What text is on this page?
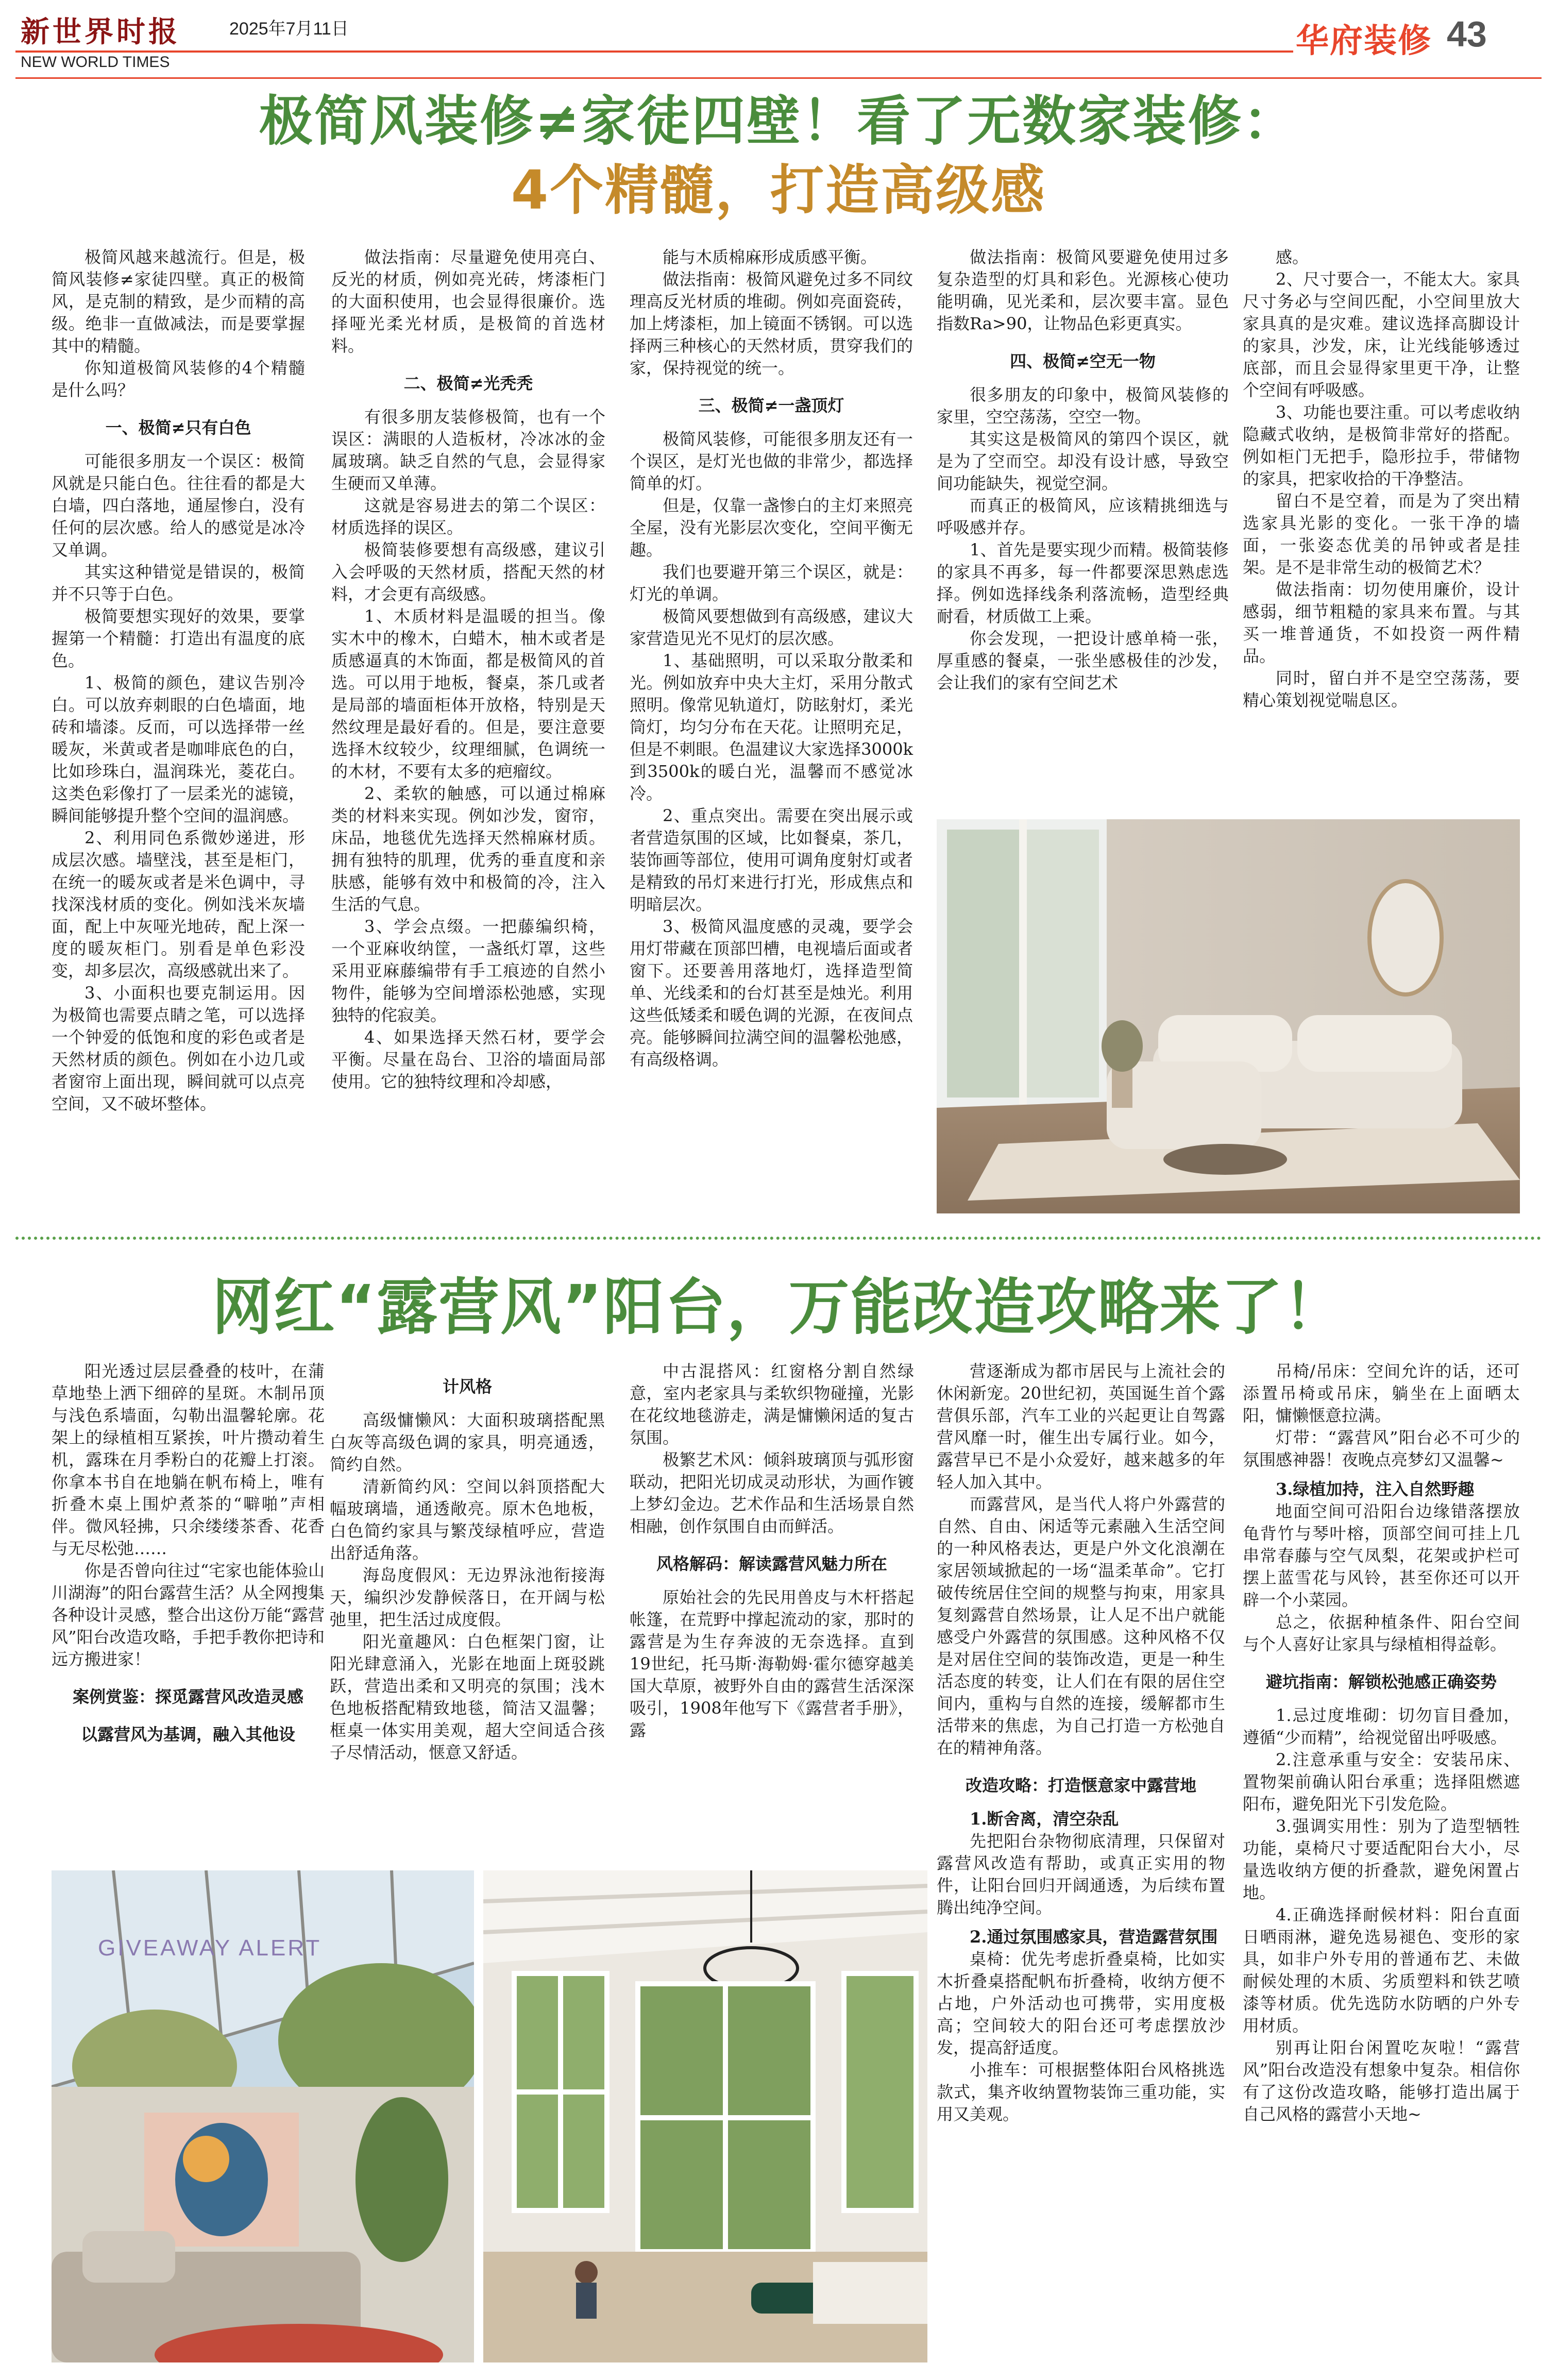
新世界时报	2025年7月11日
NEW WORLD TIMES
华府装修 43
极简风装修≠家徒四壁！看了无数家装修：
4个精髓，打造高级感

极简风越来越流行。但是，极简风装修≠家徒四壁。真正的极简风，是克制的精致，是少而精的高级。绝非一直做减法，而是要掌握其中的精髓。

你知道极简风装修的4个精髓是什么吗？

一、极简≠只有白色

可能很多朋友一个误区：极简风就是只能白色。往往看的都是大白墙，四白落地，通屋惨白，没有任何的层次感。给人的感觉是冰冷又单调。

其实这种错觉是错误的，极简并不只等于白色。

极简要想实现好的效果，要掌握第一个精髓：打造出有温度的底色。

1、极简的颜色，建议告别冷白。可以放弃刺眼的白色墙面，地砖和墙漆。反而，可以选择带一丝暖灰，米黄或者是咖啡底色的白，比如珍珠白，温润珠光，菱花白。这类色彩像打了一层柔光的滤镜，瞬间能够提升整个空间的温润感。

2、利用同色系微妙递进，形成层次感。墙壁浅，甚至是柜门，在统一的暖灰或者是米色调中，寻找深浅材质的变化。例如浅米灰墙面，配上中灰哑光地砖，配上深一度的暖灰柜门。别看是单色彩没变，却多层次，高级感就出来了。

3、小面积也要克制运用。因为极简也需要点睛之笔，可以选择一个钟爱的低饱和度的彩色或者是天然材质的颜色。例如在小边几或者窗帘上面出现，瞬间就可以点亮空间，又不破坏整体。

做法指南：尽量避免使用亮白、反光的材质，例如亮光砖，烤漆柜门的大面积使用，也会显得很廉价。选择哑光柔光材质，是极简的首选材料。

二、极简≠光秃秃

有很多朋友装修极简，也有一个误区：满眼的人造板材，冷冰冰的金属玻璃。缺乏自然的气息，会显得家生硬而又单薄。

这就是容易进去的第二个误区：材质选择的误区。

极简装修要想有高级感，建议引入会呼吸的天然材质，搭配天然的材料，才会更有高级感。

1、木质材料是温暖的担当。像实木中的橡木，白蜡木，柚木或者是质感逼真的木饰面，都是极简风的首选。可以用于地板，餐桌，茶几或者是局部的墙面柜体开放格，特别是天然纹理是最好看的。但是，要注意要选择木纹较少，纹理细腻，色调统一的木材，不要有太多的疤瘤纹。

2、柔软的触感，可以通过棉麻类的材料来实现。例如沙发，窗帘，床品，地毯优先选择天然棉麻材质。拥有独特的肌理，优秀的垂直度和亲肤感，能够有效中和极简的冷，注入生活的气息。

3、学会点缀。一把藤编织椅，一个亚麻收纳筐，一盏纸灯罩，这些采用亚麻藤编带有手工痕迹的自然小物件，能够为空间增添松弛感，实现独特的侘寂美。

4、如果选择天然石材，要学会平衡。尽量在岛台、卫浴的墙面局部使用。它的独特纹理和冷却感，

能与木质棉麻形成质感平衡。

做法指南：极简风避免过多不同纹理高反光材质的堆砌。例如亮面瓷砖，加上烤漆柜，加上镜面不锈钢。可以选择两三种核心的天然材质，贯穿我们的家，保持视觉的统一。

三、极简≠一盏顶灯

极简风装修，可能很多朋友还有一个误区，是灯光也做的非常少，都选择简单的灯。

但是，仅靠一盏惨白的主灯来照亮全屋，没有光影层次变化，空间平衡无趣。

我们也要避开第三个误区，就是：灯光的单调。

极简风要想做到有高级感，建议大家营造见光不见灯的层次感。

1、基础照明，可以采取分散柔和光。例如放弃中央大主灯，采用分散式照明。像常见轨道灯，防眩射灯，柔光筒灯，均匀分布在天花。让照明充足，但是不刺眼。色温建议大家选择3000k到3500k的暖白光，温馨而不感觉冰冷。

2、重点突出。需要在突出展示或者营造氛围的区域，比如餐桌，茶几，装饰画等部位，使用可调角度射灯或者是精致的吊灯来进行打光，形成焦点和明暗层次。

3、极简风温度感的灵魂，要学会用灯带藏在顶部凹槽，电视墙后面或者窗下。还要善用落地灯，选择造型简单、光线柔和的台灯甚至是烛光。利用这些低矮柔和暖色调的光源，在夜间点亮。能够瞬间拉满空间的温馨松弛感，有高级格调。

做法指南：极简风要避免使用过多复杂造型的灯具和彩色。光源核心使功能明确，见光柔和，层次要丰富。显色指数Ra>90，让物品色彩更真实。

四、极简≠空无一物

很多朋友的印象中，极简风装修的家里，空空荡荡，空空一物。

其实这是极简风的第四个误区，就是为了空而空。却没有设计感，导致空间功能缺失，视觉空洞。

而真正的极简风，应该精挑细选与呼吸感并存。

1、首先是要实现少而精。极简装修的家具不再多，每一件都要深思熟虑选择。例如选择线条利落流畅，造型经典耐看，材质做工上乘。

你会发现，一把设计感单椅一张，厚重感的餐桌，一张坐感极佳的沙发，会让我们的家有空间艺术

感。

2、尺寸要合一，不能太大。家具尺寸务必与空间匹配，小空间里放大家具真的是灾难。建议选择高脚设计的家具，沙发，床，让光线能够透过底部，而且会显得家里更干净，让整个空间有呼吸感。

3、功能也要注重。可以考虑收纳隐藏式收纳，是极简非常好的搭配。例如柜门无把手，隐形拉手，带储物的家具，把家收拾的干净整洁。

留白不是空着，而是为了突出精选家具光影的变化。一张干净的墙面，一张姿态优美的吊钟或者是挂架。是不是非常生动的极简艺术？

做法指南：切勿使用廉价，设计感弱，细节粗糙的家具来布置。与其买一堆普通货，不如投资一两件精品。

同时，留白并不是空空荡荡，要精心策划视觉喘息区。

网红“露营风”阳台，万能改造攻略来了！

阳光透过层层叠叠的枝叶，在蒲草地垫上洒下细碎的星斑。木制吊顶与浅色系墙面，勾勒出温馨轮廓。花架上的绿植相互紧挨，叶片攒动着生机，露珠在月季粉白的花瓣上打滚。你拿本书自在地躺在帆布椅上，唯有折叠木桌上围炉煮茶的“噼啪”声相伴。微风轻拂，只余缕缕茶香、花香与无尽松弛……

你是否曾向往过“宅家也能体验山川湖海”的阳台露营生活？从全网搜集各种设计灵感，整合出这份万能“露营风”阳台改造攻略，手把手教你把诗和远方搬进家！

案例赏鉴：探觅露营风改造灵感

以露营风为基调，融入其他设

计风格

高级慵懒风：大面积玻璃搭配黑白灰等高级色调的家具，明亮通透，简约自然。

清新简约风：空间以斜顶搭配大幅玻璃墙，通透敞亮。原木色地板，白色简约家具与繁茂绿植呼应，营造出舒适角落。

海岛度假风：无边界泳池衔接海天，编织沙发静候落日，在开阔与松弛里，把生活过成度假。

阳光童趣风：白色框架门窗，让阳光肆意涌入，光影在地面上斑驳跳跃，营造出柔和又明亮的氛围；浅木色地板搭配精致地毯，简洁又温馨；框桌一体实用美观，超大空间适合孩子尽情活动，惬意又舒适。

中古混搭风：红窗格分割自然绿意，室内老家具与柔软织物碰撞，光影在花纹地毯游走，满是慵懒闲适的复古氛围。

极繁艺术风：倾斜玻璃顶与弧形窗联动，把阳光切成灵动形状，为画作镀上梦幻金边。艺术作品和生活场景自然相融，创作氛围自由而鲜活。

风格解码：解读露营风魅力所在

原始社会的先民用兽皮与木杆搭起帐篷，在荒野中撑起流动的家，那时的露营是为生存奔波的无奈选择。直到19世纪，托马斯·海勒姆·霍尔德穿越美国大草原，被野外自由的露营生活深深吸引，1908年他写下《露营者手册》，露

营逐渐成为都市居民与上流社会的休闲新宠。20世纪初，英国诞生首个露营俱乐部，汽车工业的兴起更让自驾露营风靡一时，催生出专属行业。如今，露营早已不是小众爱好，越来越多的年轻人加入其中。

而露营风，是当代人将户外露营的自然、自由、闲适等元素融入生活空间的一种风格表达，更是户外文化浪潮在家居领域掀起的一场“温柔革命”。它打破传统居住空间的规整与拘束，用家具复刻露营自然场景，让人足不出户就能感受户外露营的氛围感。这种风格不仅是对居住空间的装饰改造，更是一种生活态度的转变，让人们在有限的居住空间内，重构与自然的连接，缓解都市生活带来的焦虑，为自己打造一方松弛自在的精神角落。

改造攻略：打造惬意家中露营地

1.断舍离，清空杂乱

先把阳台杂物彻底清理，只保留对露营风改造有帮助，或真正实用的物件，让阳台回归开阔通透，为后续布置腾出纯净空间。

2.通过氛围感家具，营造露营氛围

桌椅：优先考虑折叠桌椅，比如实木折叠桌搭配帆布折叠椅，收纳方便不占地，户外活动也可携带，实用度极高；空间较大的阳台还可考虑摆放沙发，提高舒适度。

小推车：可根据整体阳台风格挑选款式，集齐收纳置物装饰三重功能，实用又美观。

吊椅/吊床：空间允许的话，还可添置吊椅或吊床，躺坐在上面晒太阳，慵懒惬意拉满。

灯带：“露营风”阳台必不可少的氛围感神器！夜晚点亮梦幻又温馨~

3.绿植加持，注入自然野趣

地面空间可沿阳台边缘错落摆放龟背竹与琴叶榕，顶部空间可挂上几串常春藤与空气凤梨，花架或护栏可摆上蓝雪花与风铃，甚至你还可以开辟一个小菜园。

总之，依据种植条件、阳台空间与个人喜好让家具与绿植相得益彰。

避坑指南：解锁松弛感正确姿势

1.忌过度堆砌：切勿盲目叠加，遵循“少而精”，给视觉留出呼吸感。

2.注意承重与安全：安装吊床、置物架前确认阳台承重；选择阻燃遮阳布，避免阳光下引发危险。

3.强调实用性：别为了造型牺牲功能，桌椅尺寸要适配阳台大小，尽量选收纳方便的折叠款，避免闲置占地。

4.正确选择耐候材料：阳台直面日晒雨淋，避免选易褪色、变形的家具，如非户外专用的普通布艺、未做耐候处理的木质、劣质塑料和铁艺喷漆等材质。优先选防水防晒的户外专用材质。

别再让阳台闲置吃灰啦！“露营风”阳台改造没有想象中复杂。相信你有了这份改造攻略，能够打造出属于自己风格的露营小天地~

GIVEAWAY ALERT
